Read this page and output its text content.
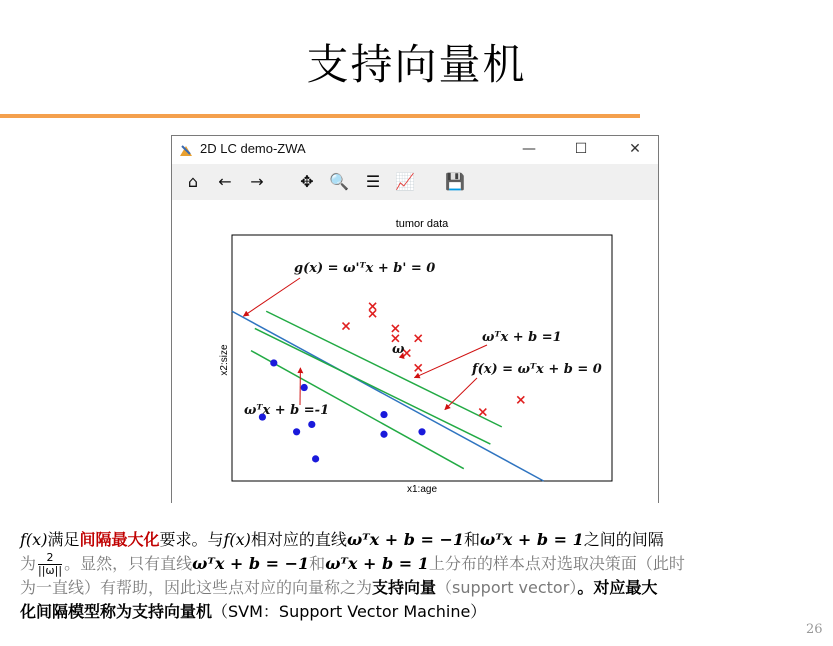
支持向量机
2D LC demo-ZWA	—	☐	✕
⌂	← → ✥ 🔍 ☰ 📈 💾
tumor data
x1:age
x2:size
g(x) = ω'ᵀx + b' = 0
ω
ωᵀx + b =1
f(x) = ωᵀx + b = 0
ωᵀx + b =-1
f(x)满足间隔最大化要求。与f(x)相对应的直线ωᵀx + b = −1和ωᵀx + b = 1之间的间隔
为 $\frac{2}{||\omega||}$ 。显然，只有直线ωᵀx + b = −1和ωᵀx + b = 1上分布的样本点对选取决策面（此时
为一直线）有帮助，因此这些点对应的向量称之为支持向量（support vector）。对应最大
化间隔模型称为支持向量机（SVM：Support Vector Machine）
26
